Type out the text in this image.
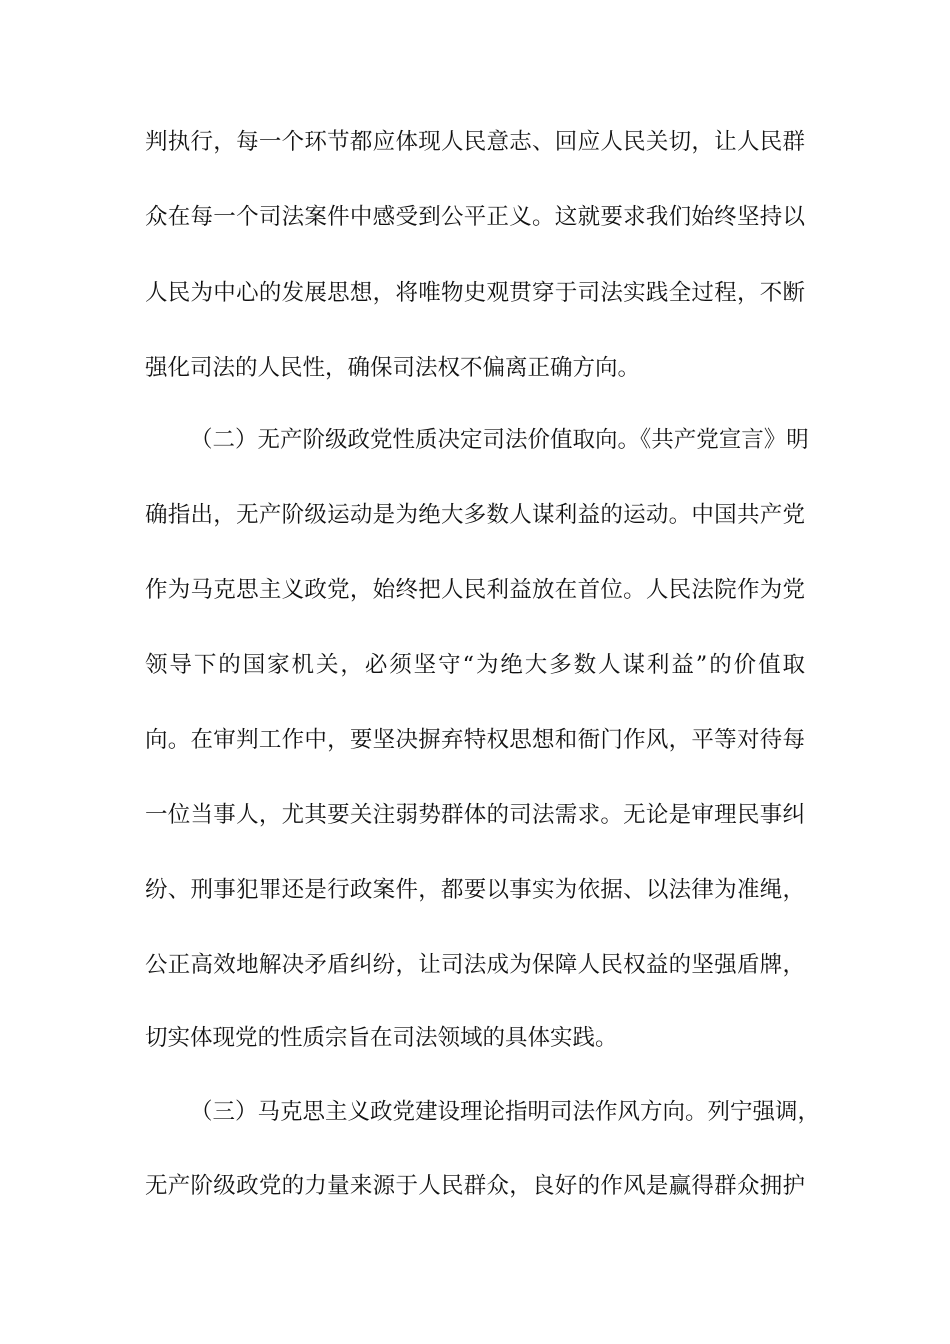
判执行，每一个环节都应体现人民意志、回应人民关切，让人民群
众在每一个司法案件中感受到公平正义。这就要求我们始终坚持以
人民为中心的发展思想，将唯物史观贯穿于司法实践全过程，不断
强化司法的人民性，确保司法权不偏离正确方向。
（二）无产阶级政党性质决定司法价值取向。《共产党宣言》明
确指出，无产阶级运动是为绝大多数人谋利益的运动。中国共产党
作为马克思主义政党，始终把人民利益放在首位。人民法院作为党
领导下的国家机关，必须坚守“为绝大多数人谋利益”的价值取
向。在审判工作中，要坚决摒弃特权思想和衙门作风，平等对待每
一位当事人，尤其要关注弱势群体的司法需求。无论是审理民事纠
纷、刑事犯罪还是行政案件，都要以事实为依据、以法律为准绳，
公正高效地解决矛盾纠纷，让司法成为保障人民权益的坚强盾牌，
切实体现党的性质宗旨在司法领域的具体实践。
（三）马克思主义政党建设理论指明司法作风方向。列宁强调，
无产阶级政党的力量来源于人民群众，良好的作风是赢得群众拥护
